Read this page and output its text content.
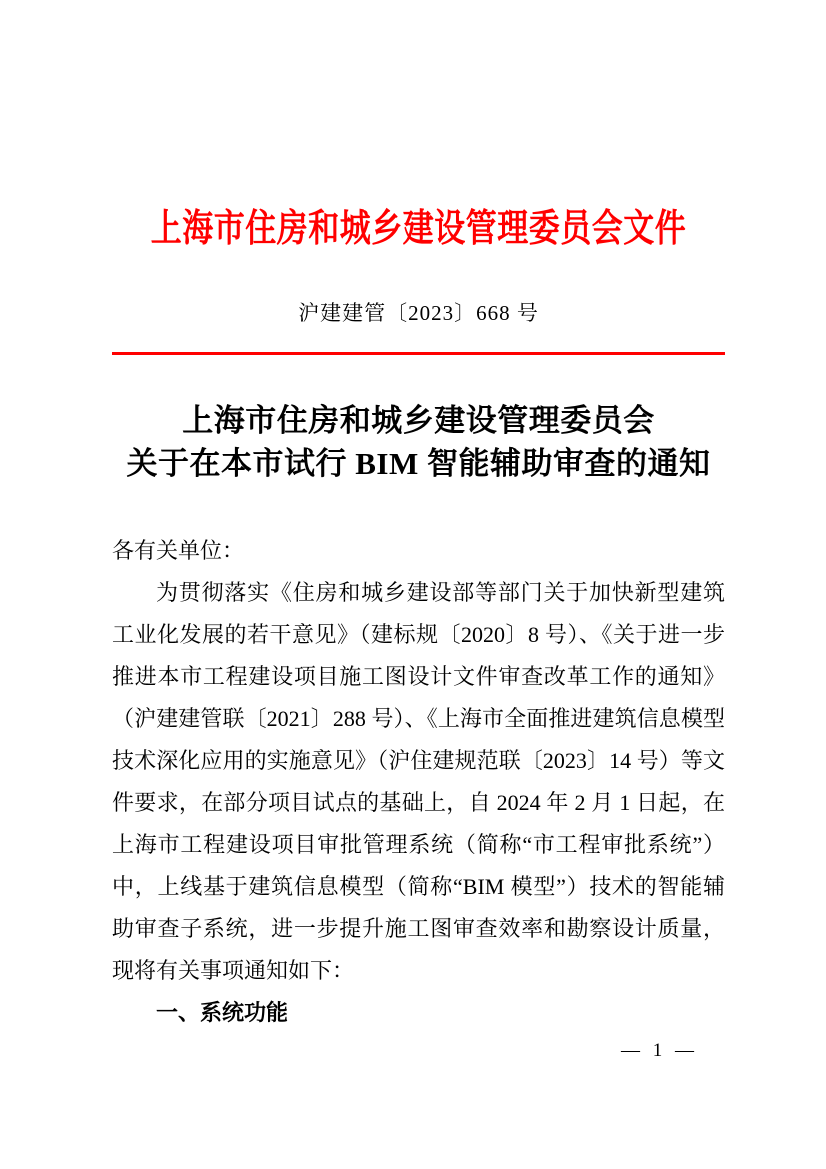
上海市住房和城乡建设管理委员会文件
沪建建管〔2023〕668 号
上海市住房和城乡建设管理委员会
关于在本市试行 BIM 智能辅助审查的通知
各有关单位：
为贯彻落实《住房和城乡建设部等部门关于加快新型建筑
工业化发展的若干意见》（建标规〔2020〕8 号）、《关于进一步
推进本市工程建设项目施工图设计文件审查改革工作的通知》
（沪建建管联〔2021〕288 号）、《上海市全面推进建筑信息模型
技术深化应用的实施意见》（沪住建规范联〔2023〕14 号）等文
件要求，在部分项目试点的基础上，自 2024 年 2 月 1 日起，在
上海市工程建设项目审批管理系统（简称“市工程审批系统”）
中，上线基于建筑信息模型（简称“BIM 模型”）技术的智能辅
助审查子系统，进一步提升施工图审查效率和勘察设计质量，
现将有关事项通知如下：
一、系统功能
— 1 —
